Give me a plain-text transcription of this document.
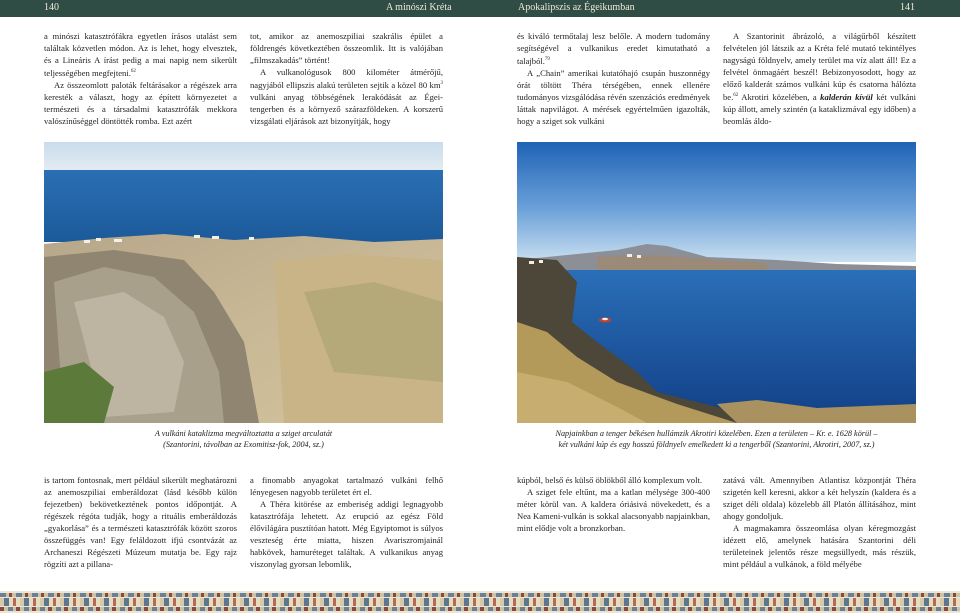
140	A minószi Kréta	Apokalipszis az Égeikumban	141

a minószi katasztrófákra egyetlen írásos utalást sem találtak közvetlen módon. Az is lehet, hogy elvesztek, és a Lineáris A írást pedig a mai napig nem sikerült teljességében megfejteni.$^{62}$

Az összeomlott paloták feltárásakor a régészek arra keresték a választ, hogy az épített környezetet a természeti és a társadalmi katasztrófák mekkora valószínűséggel döntötték romba. Ezt azért

tot, amikor az anemoszpiliai szakrális épület a földrengés következtében összeomlik. Itt is valójában „filmszakadás” történt!

A vulkanológusok 800 kilométer átmérőjű, nagyjából ellipszis alakú területen sejtik a közel 80 $km^3$ vulkáni anyag többségének lerakódását az Égei-tengerben és a környező szárazföldeken. A korszerű vizsgálati eljárások azt bizonyítják, hogy

A vulkáni kataklizma megváltoztatta a sziget arculatát
(Szantorini, távolban az Exomitisz-fok, 2004, sz.)

is tartom fontosnak, mert például sikerült meghatározni az anemoszpiliai emberáldozat (lásd később külön fejezetben) bekövetkeztének pontos időpontját. A régészek régóta tudják, hogy a rituális emberáldozás „gyakorlása” és a természeti katasztrófák között szoros összefüggés van! Egy feláldozott ifjú csontvázát az Archaneszi Régészeti Múzeum mutatja be. Egy rajz rögzíti azt a pillana-

a finomabb anyagokat tartalmazó vulkáni felhő lényegesen nagyobb területet ért el.

A Théra kitörése az emberiség addigi legnagyobb katasztrófája lehetett. Az erupció az egész Föld élővilágára pusztítóan hatott. Még Egyiptomot is súlyos veszteség érte miatta, hiszen Avariszromjainál habkövek, hamuréteget találtak. A vulkanikus anyag viszonylag gyorsan lebomlik,

és kiváló termőtalaj lesz belőle. A modern tudomány segítségével a vulkanikus eredet kimutatható a talajból.$^{79}$

A „Chain” amerikai kutatóhajó csupán huszonnégy órát töltött Théra térségében, ennek ellenére tudományos vizsgálódása révén szenzációs eredmények láttak napvilágot. A mérések egyértelműen igazolták, hogy a sziget sok vulkáni

A Szantorinit ábrázoló, a világűrből készített felvételen jól látszik az a Kréta felé mutató tekintélyes nagyságú földnyelv, amely terület ma víz alatt áll! Ez a felvétel önmagáért beszél! Bebizonyosodott, hogy az előző kalderát számos vulkáni kúp és csatorna hálózta be.$^{62}$ Akrotiri közelében, a kalderán kívül két vulkáni kúp állott, amely szintén (a kataklizmával egy időben) a beomlás áldo-

Napjainkban a tenger békésen hullámzik Akrotiri közelében. Ezen a területen – Kr. e. 1628 körül –
két vulkáni kúp és egy hosszú földnyelv emelkedett ki a tengerből (Szantorini, Akrotiri, 2007, sz.)

kúpból, belső és külső öblökből álló komplexum volt.

A sziget fele eltűnt, ma a katlan mélysége 300-400 méter körül van. A kaldera óriásivá növekedett, és a Nea Kameni-vulkán is sokkal alacsonyabb napjainkban, mint elődje volt a bronzkorban.

zatává vált. Amennyiben Atlantisz központját Théra szigetén kell keresni, akkor a két helyszín (kaldera és a sziget déli oldala) közelebb áll Platón állításához, mint ahogy gondoljuk.

A magmakamra összeomlása olyan kéregmozgást idézett elő, amelynek hatására Szantorini déli területeinek jelentős része megsüllyedt, más részük, mint például a vulkánok, a föld mélyébe
